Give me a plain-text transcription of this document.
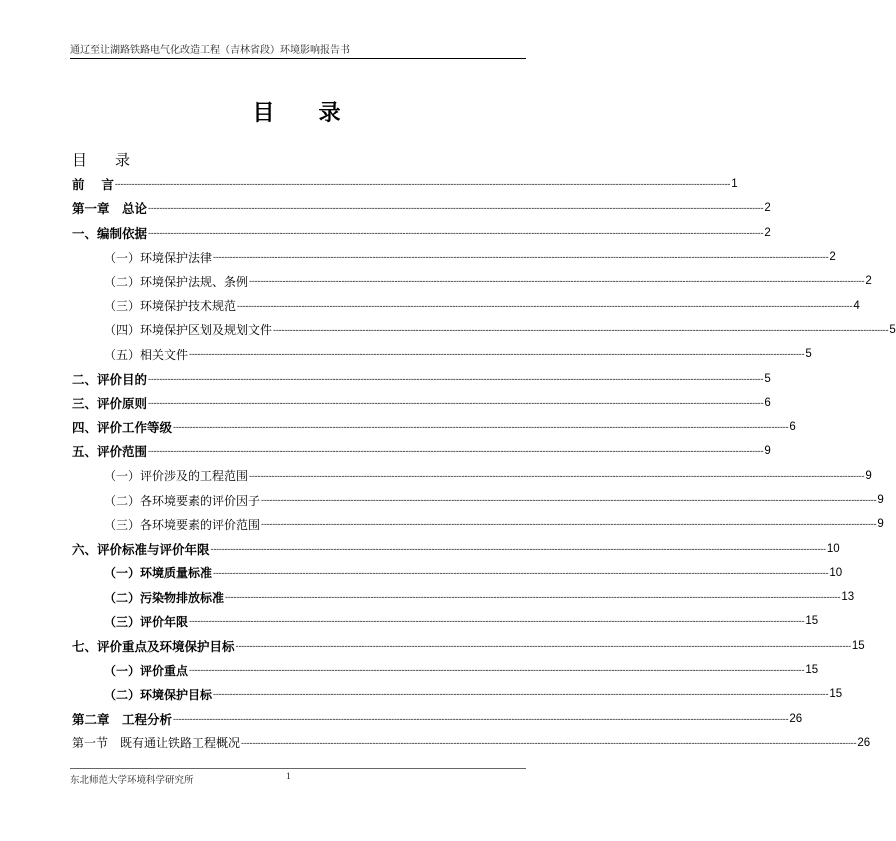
通辽至让湖路铁路电气化改造工程（吉林省段）环境影响报告书
目 录
目 录
前　 言 ---------------------------------------------------------------------------------------------------------------------------------------------------------------------------------------------------------------------------- 1
第一章　总论 ---------------------------------------------------------------------------------------------------------------------------------------------------------------------------------------------------------------------------- 2
一、编制依据 ---------------------------------------------------------------------------------------------------------------------------------------------------------------------------------------------------------------------------- 2
（一）环境保护法律 ---------------------------------------------------------------------------------------------------------------------------------------------------------------------------------------------------------------------------- 2
（二）环境保护法规、条例 ---------------------------------------------------------------------------------------------------------------------------------------------------------------------------------------------------------------------------- 2
（三）环境保护技术规范 ---------------------------------------------------------------------------------------------------------------------------------------------------------------------------------------------------------------------------- 4
（四）环境保护区划及规划文件 ---------------------------------------------------------------------------------------------------------------------------------------------------------------------------------------------------------------------------- 5
（五）相关文件 ---------------------------------------------------------------------------------------------------------------------------------------------------------------------------------------------------------------------------- 5
二、评价目的 ---------------------------------------------------------------------------------------------------------------------------------------------------------------------------------------------------------------------------- 5
三、评价原则 ---------------------------------------------------------------------------------------------------------------------------------------------------------------------------------------------------------------------------- 6
四、评价工作等级 ---------------------------------------------------------------------------------------------------------------------------------------------------------------------------------------------------------------------------- 6
五、评价范围 ---------------------------------------------------------------------------------------------------------------------------------------------------------------------------------------------------------------------------- 9
（一）评价涉及的工程范围 ---------------------------------------------------------------------------------------------------------------------------------------------------------------------------------------------------------------------------- 9
（二）各环境要素的评价因子 ---------------------------------------------------------------------------------------------------------------------------------------------------------------------------------------------------------------------------- 9
（三）各环境要素的评价范围 ---------------------------------------------------------------------------------------------------------------------------------------------------------------------------------------------------------------------------- 9
六、评价标准与评价年限 ---------------------------------------------------------------------------------------------------------------------------------------------------------------------------------------------------------------------------- 10
（一）环境质量标准 ---------------------------------------------------------------------------------------------------------------------------------------------------------------------------------------------------------------------------- 10
（二）污染物排放标准 ---------------------------------------------------------------------------------------------------------------------------------------------------------------------------------------------------------------------------- 13
（三）评价年限 ---------------------------------------------------------------------------------------------------------------------------------------------------------------------------------------------------------------------------- 15
七、评价重点及环境保护目标 ---------------------------------------------------------------------------------------------------------------------------------------------------------------------------------------------------------------------------- 15
（一）评价重点 ---------------------------------------------------------------------------------------------------------------------------------------------------------------------------------------------------------------------------- 15
（二）环境保护目标 ---------------------------------------------------------------------------------------------------------------------------------------------------------------------------------------------------------------------------- 15
第二章　工程分析 ---------------------------------------------------------------------------------------------------------------------------------------------------------------------------------------------------------------------------- 26
第一节　既有通让铁路工程概况 ---------------------------------------------------------------------------------------------------------------------------------------------------------------------------------------------------------------------------- 26
东北师范大学环境科学研究所	1
